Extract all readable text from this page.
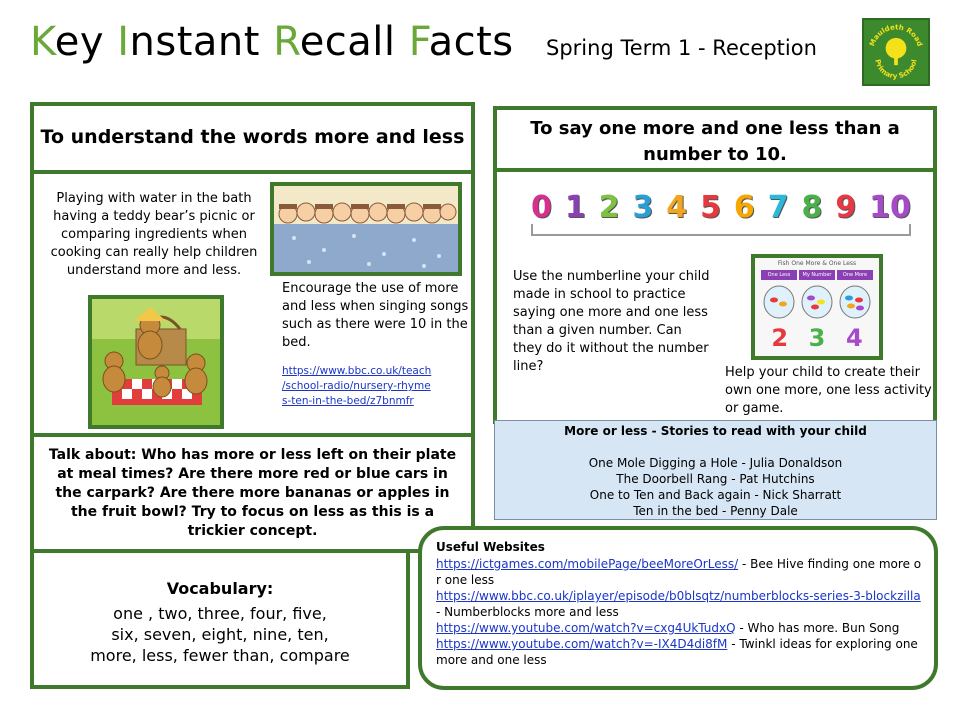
Key Instant Recall Facts Spring Term 1 - Reception	Mauldeth Road
Primary School
To understand the words more and less
Playing with water in the bath having a teddy bear’s picnic or comparing ingredients when cooking can really help children understand more and less.
Encourage the use of more and less when singing songs such as there were 10 in the bed.
https://www.bbc.co.uk/teach
/school-radio/nursery-rhyme
s-ten-in-the-bed/z7bnmfr
Talk about: Who has more or less left on their plate at meal times? Are there more red or blue cars in the carpark? Are there more bananas or apples in the fruit bowl? Try to focus on less as this is a trickier concept.
Vocabulary:
one , two, three, four, five,
six, seven, eight, nine, ten,
more, less, fewer than, compare
To say one more and one less than a number to 10.
0 1 2 3 4 5 6 7 8 9 10
Use the numberline your child made in school to practice saying one more and one less than a given number. Can they do it without the number line?
Fish One More & One Less
One Less	My Number	One More
2 3 4
Help your child to create their own one more, one less activity or game.
More or less - Stories to read with your child
One Mole Digging a Hole - Julia Donaldson
The Doorbell Rang - Pat Hutchins
One to Ten and Back again - Nick Sharratt
Ten in the bed - Penny Dale
Useful Websites
https://ictgames.com/mobilePage/beeMoreOrLess/ - Bee Hive finding one more or one less
https://www.bbc.co.uk/iplayer/episode/b0blsqtz/numberblocks-series-3-blockzilla - Numberblocks more and less
https://www.youtube.com/watch?v=cxg4UkTudxQ - Who has more. Bun Song
https://www.youtube.com/watch?v=-IX4D4di8fM - Twinkl ideas for exploring one more and one less
